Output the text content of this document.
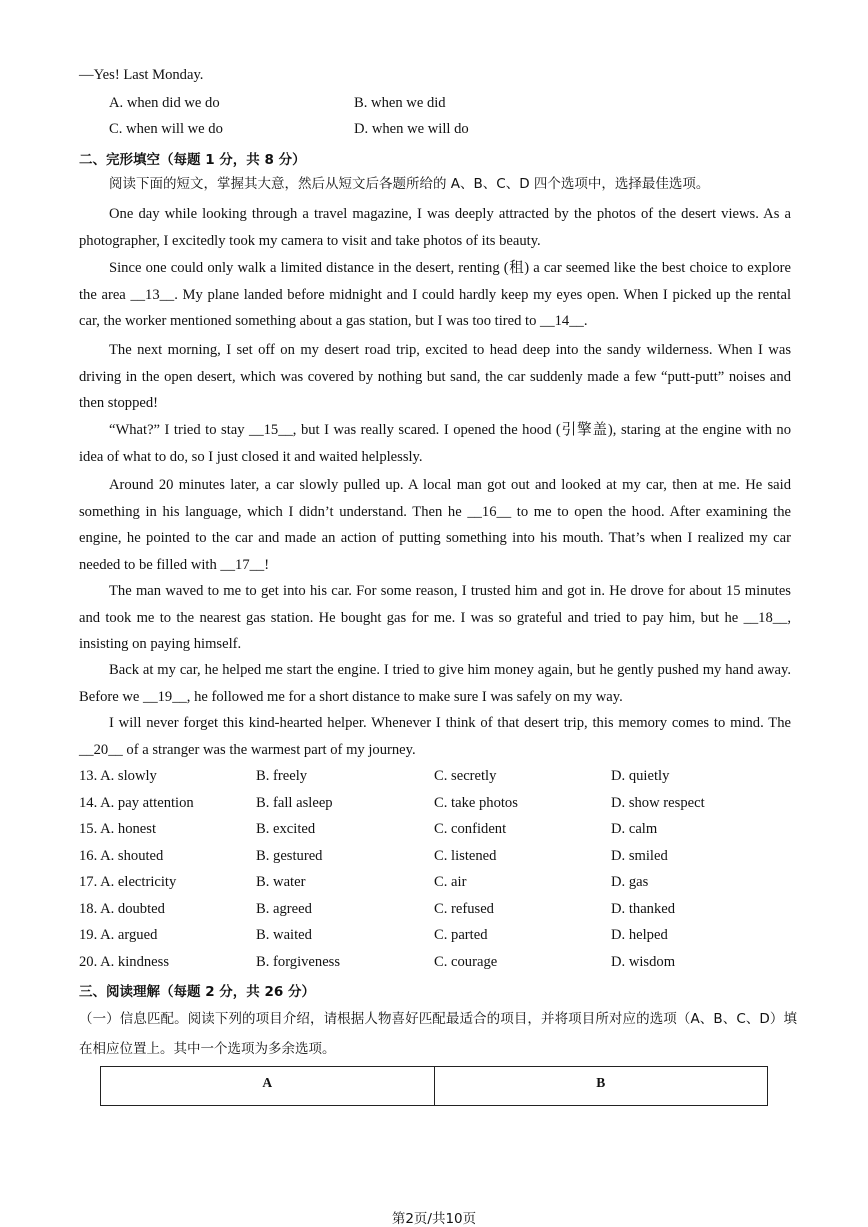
—Yes! Last Monday.
A. when did we do	B. when we did
C. when will we do	D. when we will do
二、完形填空（每题 1 分，共 8 分）
阅读下面的短文，掌握其大意，然后从短文后各题所给的 A、B、C、D 四个选项中，选择最佳选项。
One day while looking through a travel magazine, I was deeply attracted by the photos of the desert views. As a photographer, I excitedly took my camera to visit and take photos of its beauty.
Since one could only walk a limited distance in the desert, renting (租) a car seemed like the best choice to explore the area __13__. My plane landed before midnight and I could hardly keep my eyes open. When I picked up the rental car, the worker mentioned something about a gas station, but I was too tired to __14__.
The next morning, I set off on my desert road trip, excited to head deep into the sandy wilderness. When I was driving in the open desert, which was covered by nothing but sand, the car suddenly made a few “putt-putt” noises and then stopped!
“What?” I tried to stay __15__, but I was really scared. I opened the hood (引擎盖), staring at the engine with no idea of what to do, so I just closed it and waited helplessly.
Around 20 minutes later, a car slowly pulled up. A local man got out and looked at my car, then at me. He said something in his language, which I didn’t understand. Then he __16__ to me to open the hood. After examining the engine, he pointed to the car and made an action of putting something into his mouth. That’s when I realized my car needed to be filled with __17__!
The man waved to me to get into his car. For some reason, I trusted him and got in. He drove for about 15 minutes and took me to the nearest gas station. He bought gas for me. I was so grateful and tried to pay him, but he __18__, insisting on paying himself.
Back at my car, he helped me start the engine. I tried to give him money again, but he gently pushed my hand away. Before we __19__, he followed me for a short distance to make sure I was safely on my way.
I will never forget this kind-hearted helper. Whenever I think of that desert trip, this memory comes to mind. The __20__ of a stranger was the warmest part of my journey.
13. A. slowly	B. freely	C. secretly	D. quietly
14. A. pay attention	B. fall asleep	C. take photos	D. show respect
15. A. honest	B. excited	C. confident	D. calm
16. A. shouted	B. gestured	C. listened	D. smiled
17. A. electricity	B. water	C. air	D. gas
18. A. doubted	B. agreed	C. refused	D. thanked
19. A. argued	B. waited	C. parted	D. helped
20. A. kindness	B. forgiveness	C. courage	D. wisdom
三、阅读理解（每题 2 分，共 26 分）
（一）信息匹配。阅读下列的项目介绍，请根据人物喜好匹配最适合的项目，并将项目所对应的选项（A、B、C、D）填在相应位置上。其中一个选项为多余选项。
A	B
第2页/共10页
